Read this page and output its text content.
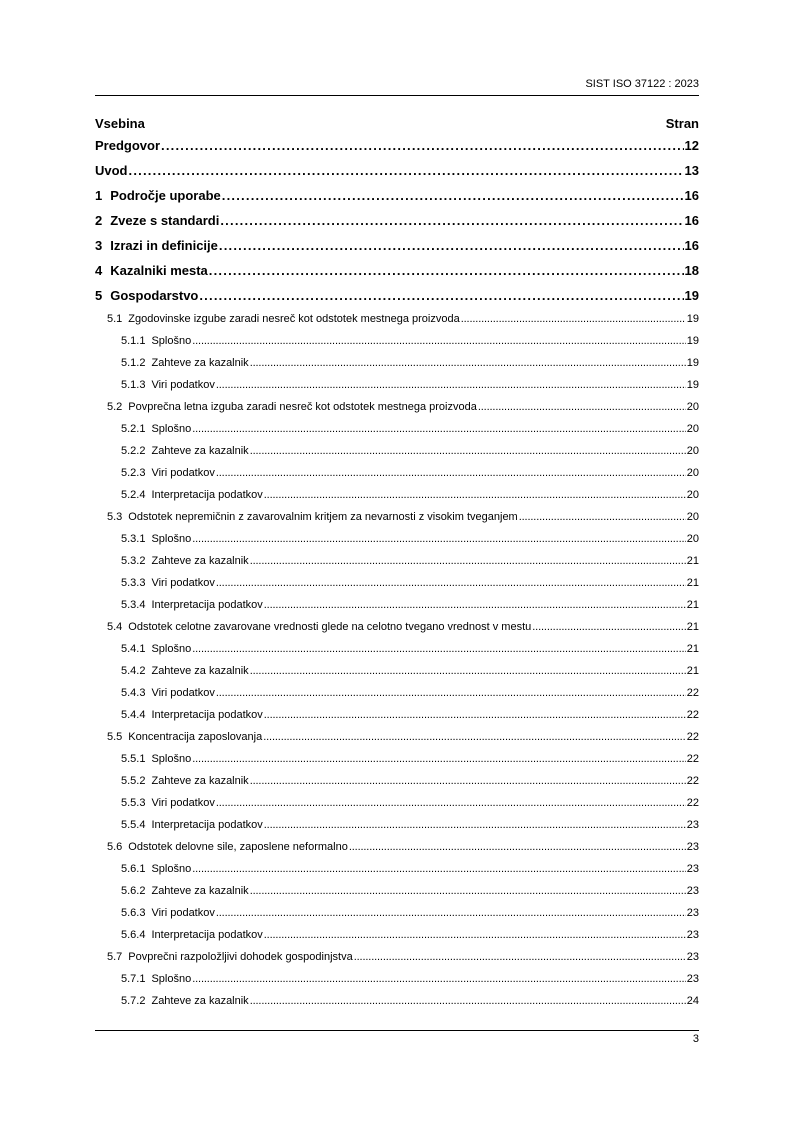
SIST ISO 37122 : 2023
Vsebina	Stran
Predgovor . . .	12
Uvod . . .	13
1 Področje uporabe . . .	16
2 Zveze s standardi . . .	16
3 Izrazi in definicije . . .	16
4 Kazalniki mesta . . .	18
5 Gospodarstvo . . .	19
5.1 Zgodovinske izgube zaradi nesreč kot odstotek mestnega proizvoda . . .	19
5.1.1 Splošno . . .	19
5.1.2 Zahteve za kazalnik . . .	19
5.1.3 Viri podatkov . . .	19
5.2 Povprečna letna izguba zaradi nesreč kot odstotek mestnega proizvoda . . .	20
5.2.1 Splošno . . .	20
5.2.2 Zahteve za kazalnik . . .	20
5.2.3 Viri podatkov . . .	20
5.2.4 Interpretacija podatkov . . .	20
5.3 Odstotek nepremičnin z zavarovalnim kritjem za nevarnosti z visokim tveganjem . . .	20
5.3.1 Splošno . . .	20
5.3.2 Zahteve za kazalnik . . .	21
5.3.3 Viri podatkov . . .	21
5.3.4 Interpretacija podatkov . . .	21
5.4 Odstotek celotne zavarovane vrednosti glede na celotno tvegano vrednost v mestu . . .	21
5.4.1 Splošno . . .	21
5.4.2 Zahteve za kazalnik . . .	21
5.4.3 Viri podatkov . . .	22
5.4.4 Interpretacija podatkov . . .	22
5.5 Koncentracija zaposlovanja . . .	22
5.5.1 Splošno . . .	22
5.5.2 Zahteve za kazalnik . . .	22
5.5.3 Viri podatkov . . .	22
5.5.4 Interpretacija podatkov . . .	23
5.6 Odstotek delovne sile, zaposlene neformalno . . .	23
5.6.1 Splošno . . .	23
5.6.2 Zahteve za kazalnik . . .	23
5.6.3 Viri podatkov . . .	23
5.6.4 Interpretacija podatkov . . .	23
5.7 Povprečni razpoložljivi dohodek gospodinjstva . . .	23
5.7.1 Splošno . . .	23
5.7.2 Zahteve za kazalnik . . .	24
3
